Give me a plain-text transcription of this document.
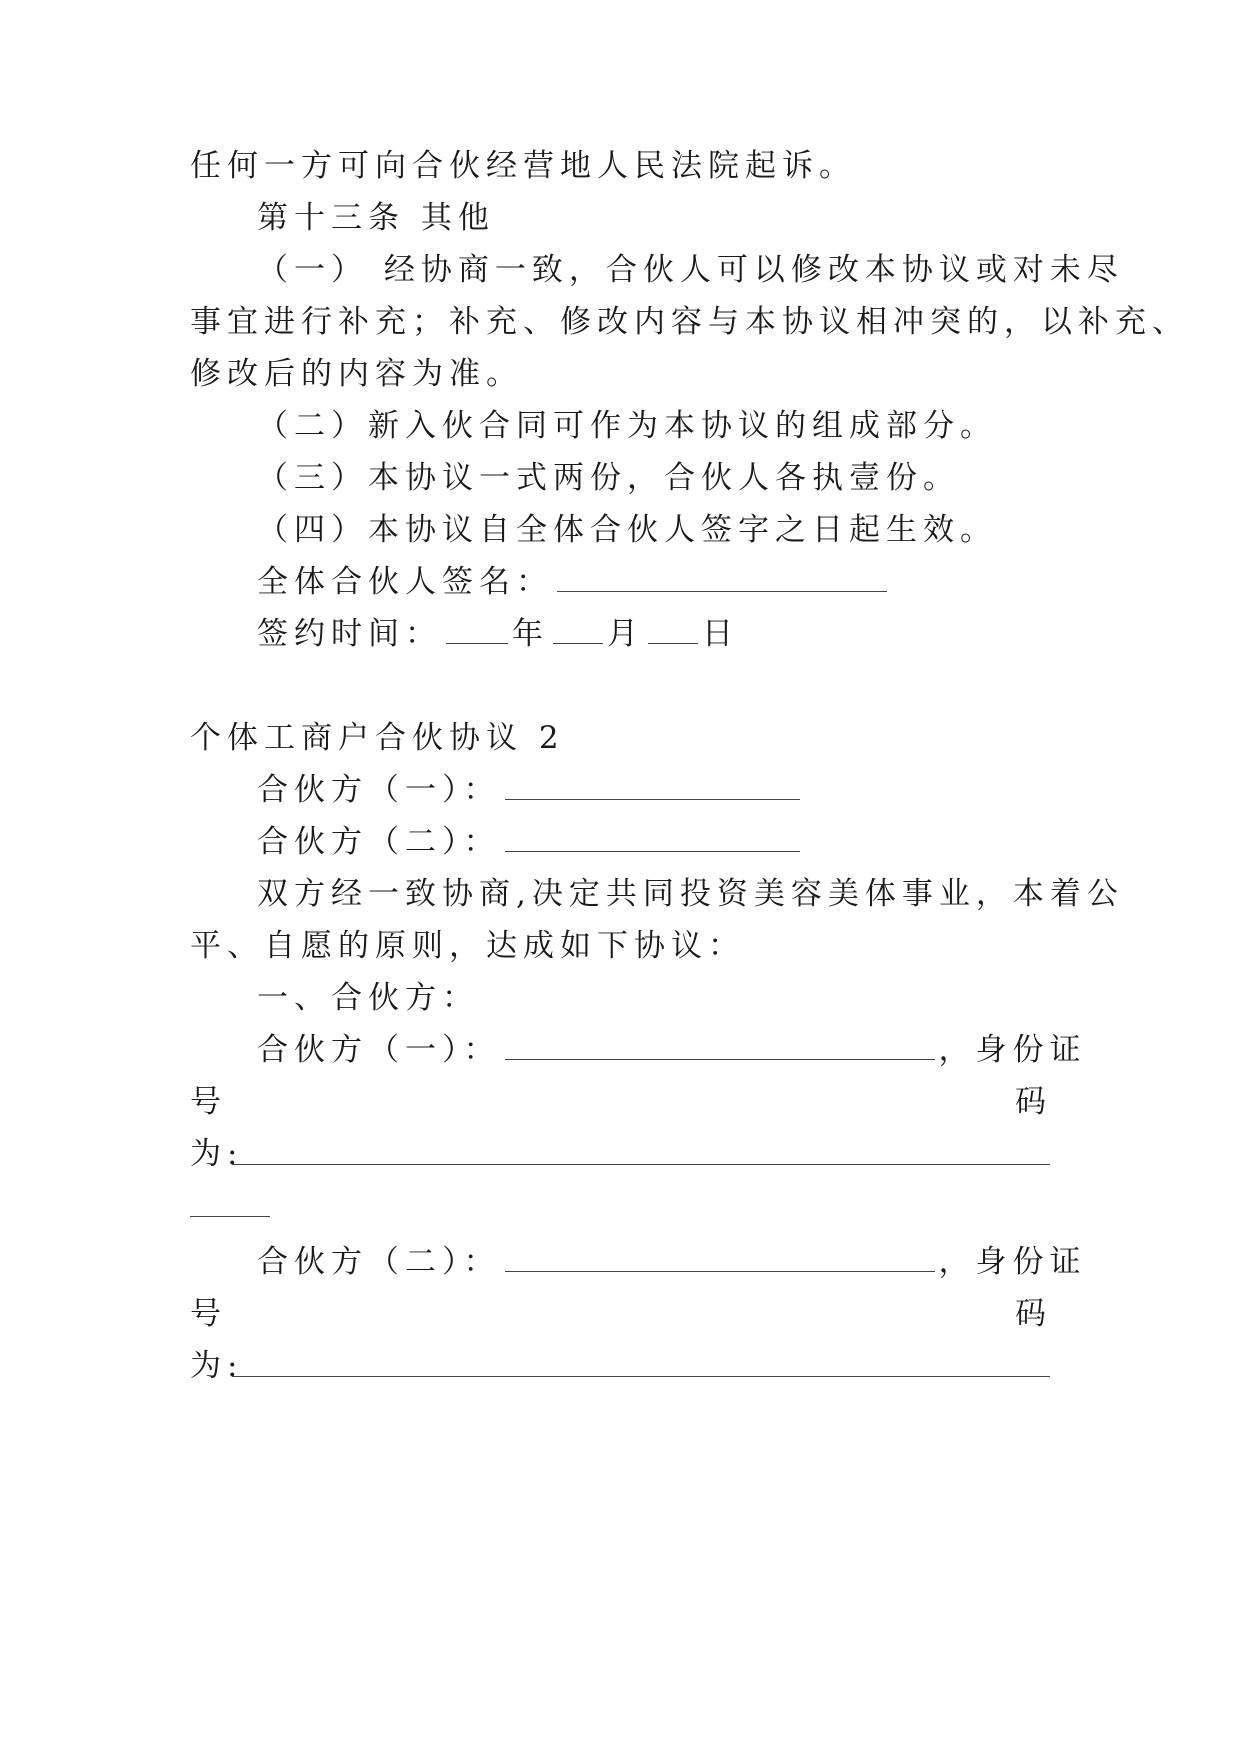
任何一方可向合伙经营地人民法院起诉。
第十三条 其他
（一） 经协商一致，合伙人可以修改本协议或对未尽
事宜进行补充；补充、修改内容与本协议相冲突的，以补充、
修改后的内容为准。
（二）新入伙合同可作为本协议的组成部分。
（三）本协议一式两份，合伙人各执壹份。
（四）本协议自全体合伙人签字之日起生效。
全体合伙人签名：
签约时间： 年 月 日
个体工商户合伙协议 2
合伙方（一）：
合伙方（二）：
双方经一致协商,决定共同投资美容美体事业，本着公
平、自愿的原则，达成如下协议：
一、合伙方：
合伙方（一）：	，身份证
号	码
为:
合伙方（二）：	，身份证
号	码
为:
